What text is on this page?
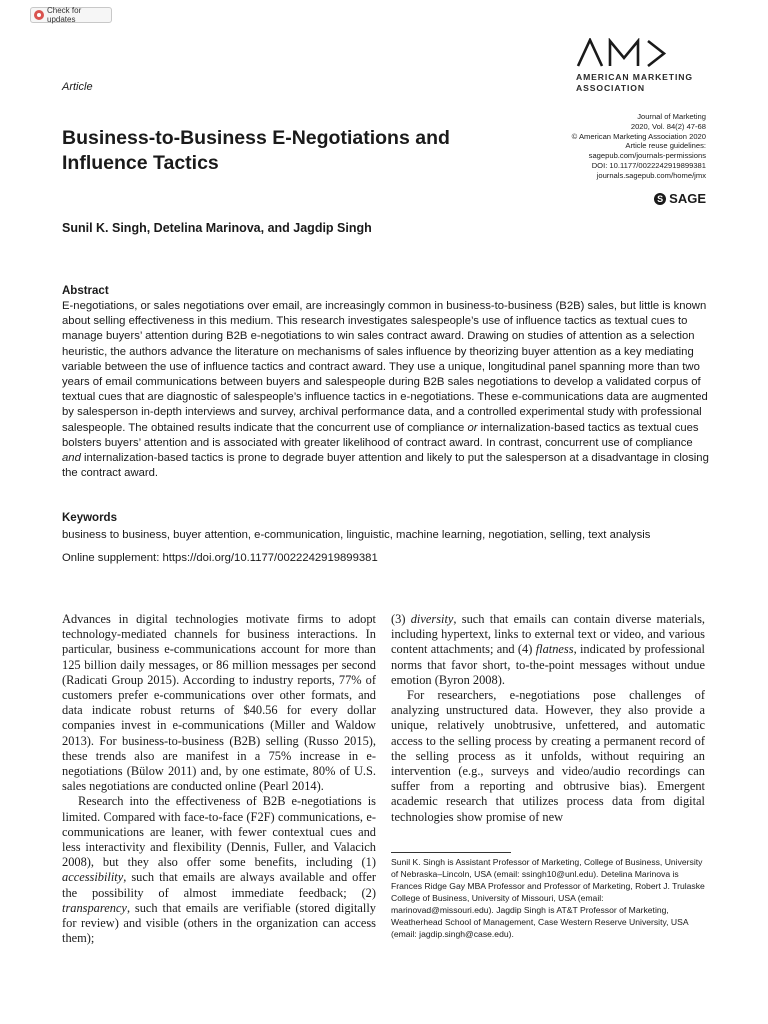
Check for updates
AMERICAN MARKETING
ASSOCIATION
Article
Business-to-Business E-Negotiations and Influence Tactics
Journal of Marketing
2020, Vol. 84(2) 47-68
© American Marketing Association 2020
Article reuse guidelines:
sagepub.com/journals-permissions
DOI: 10.1177/0022242919899381
journals.sagepub.com/home/jmx
S SAGE
Sunil K. Singh, Detelina Marinova, and Jagdip Singh
Abstract

E-negotiations, or sales negotiations over email, are increasingly common in business-to-business (B2B) sales, but little is known about selling effectiveness in this medium. This research investigates salespeople’s use of influence tactics as textual cues to manage buyers’ attention during B2B e-negotiations to win sales contract award. Drawing on studies of attention as a selection heuristic, the authors advance the literature on mechanisms of sales influence by theorizing buyer attention as a key mediating variable between the use of influence tactics and contract award. They use a unique, longitudinal panel spanning more than two years of email communications between buyers and salespeople during B2B sales negotiations to develop a validated corpus of textual cues that are diagnostic of salespeople’s influence tactics in e-negotiations. These e-communications data are augmented by salesperson in-depth interviews and survey, archival performance data, and a controlled experimental study with professional salespeople. The obtained results indicate that the concurrent use of compliance or internalization-based tactics as textual cues bolsters buyers’ attention and is associated with greater likelihood of contract award. In contrast, concurrent use of compliance and internalization-based tactics is prone to degrade buyer attention and likely to put the salesperson at a disadvantage in closing the contract award.

Keywords
business to business, buyer attention, e-communication, linguistic, machine learning, negotiation, selling, text analysis
Online supplement: https://doi.org/10.1177/0022242919899381

Advances in digital technologies motivate firms to adopt technology-mediated channels for business interactions. In particular, business e-communications account for more than 125 billion daily messages, or 86 million messages per second (Radicati Group 2015). According to industry reports, 77% of customers prefer e-communications over other formats, and data indicate robust returns of $40.56 for every dollar companies invest in e-communications (Miller and Waldow 2013). For business-to-business (B2B) selling (Russo 2015), these trends also are manifest in a 75% increase in e-negotiations (Bülow 2011) and, by one estimate, 80% of U.S. sales negotiations are conducted online (Pearl 2014).

Research into the effectiveness of B2B e-negotiations is limited. Compared with face-to-face (F2F) communications, e-communications are leaner, with fewer contextual cues and less interactivity and flexibility (Dennis, Fuller, and Valacich 2008), but they also offer some benefits, including (1) accessibility, such that emails are always available and offer the possibility of almost immediate feedback; (2) transparency, such that emails are verifiable (stored digitally for review) and visible (others in the organization can access them);

(3) diversity, such that emails can contain diverse materials, including hypertext, links to external text or video, and various content attachments; and (4) flatness, indicated by professional norms that favor short, to-the-point messages without undue emotion (Byron 2008).

For researchers, e-negotiations pose challenges of analyzing unstructured data. However, they also provide a unique, relatively unobtrusive, unfettered, and automatic access to the selling process by creating a permanent record of the selling process as it unfolds, without requiring an intervention (e.g., surveys and video/audio recordings can suffer from a reporting and obtrusive bias). Emergent academic research that utilizes process data from digital technologies show promise of new

Sunil K. Singh is Assistant Professor of Marketing, College of Business, University of Nebraska–Lincoln, USA (email: ssingh10@unl.edu). Detelina Marinova is Frances Ridge Gay MBA Professor and Professor of Marketing, Robert J. Trulaske College of Business, University of Missouri, USA (email: marinovad@missouri.edu). Jagdip Singh is AT&T Professor of Marketing, Weatherhead School of Management, Case Western Reserve University, USA (email: jagdip.singh@case.edu).
